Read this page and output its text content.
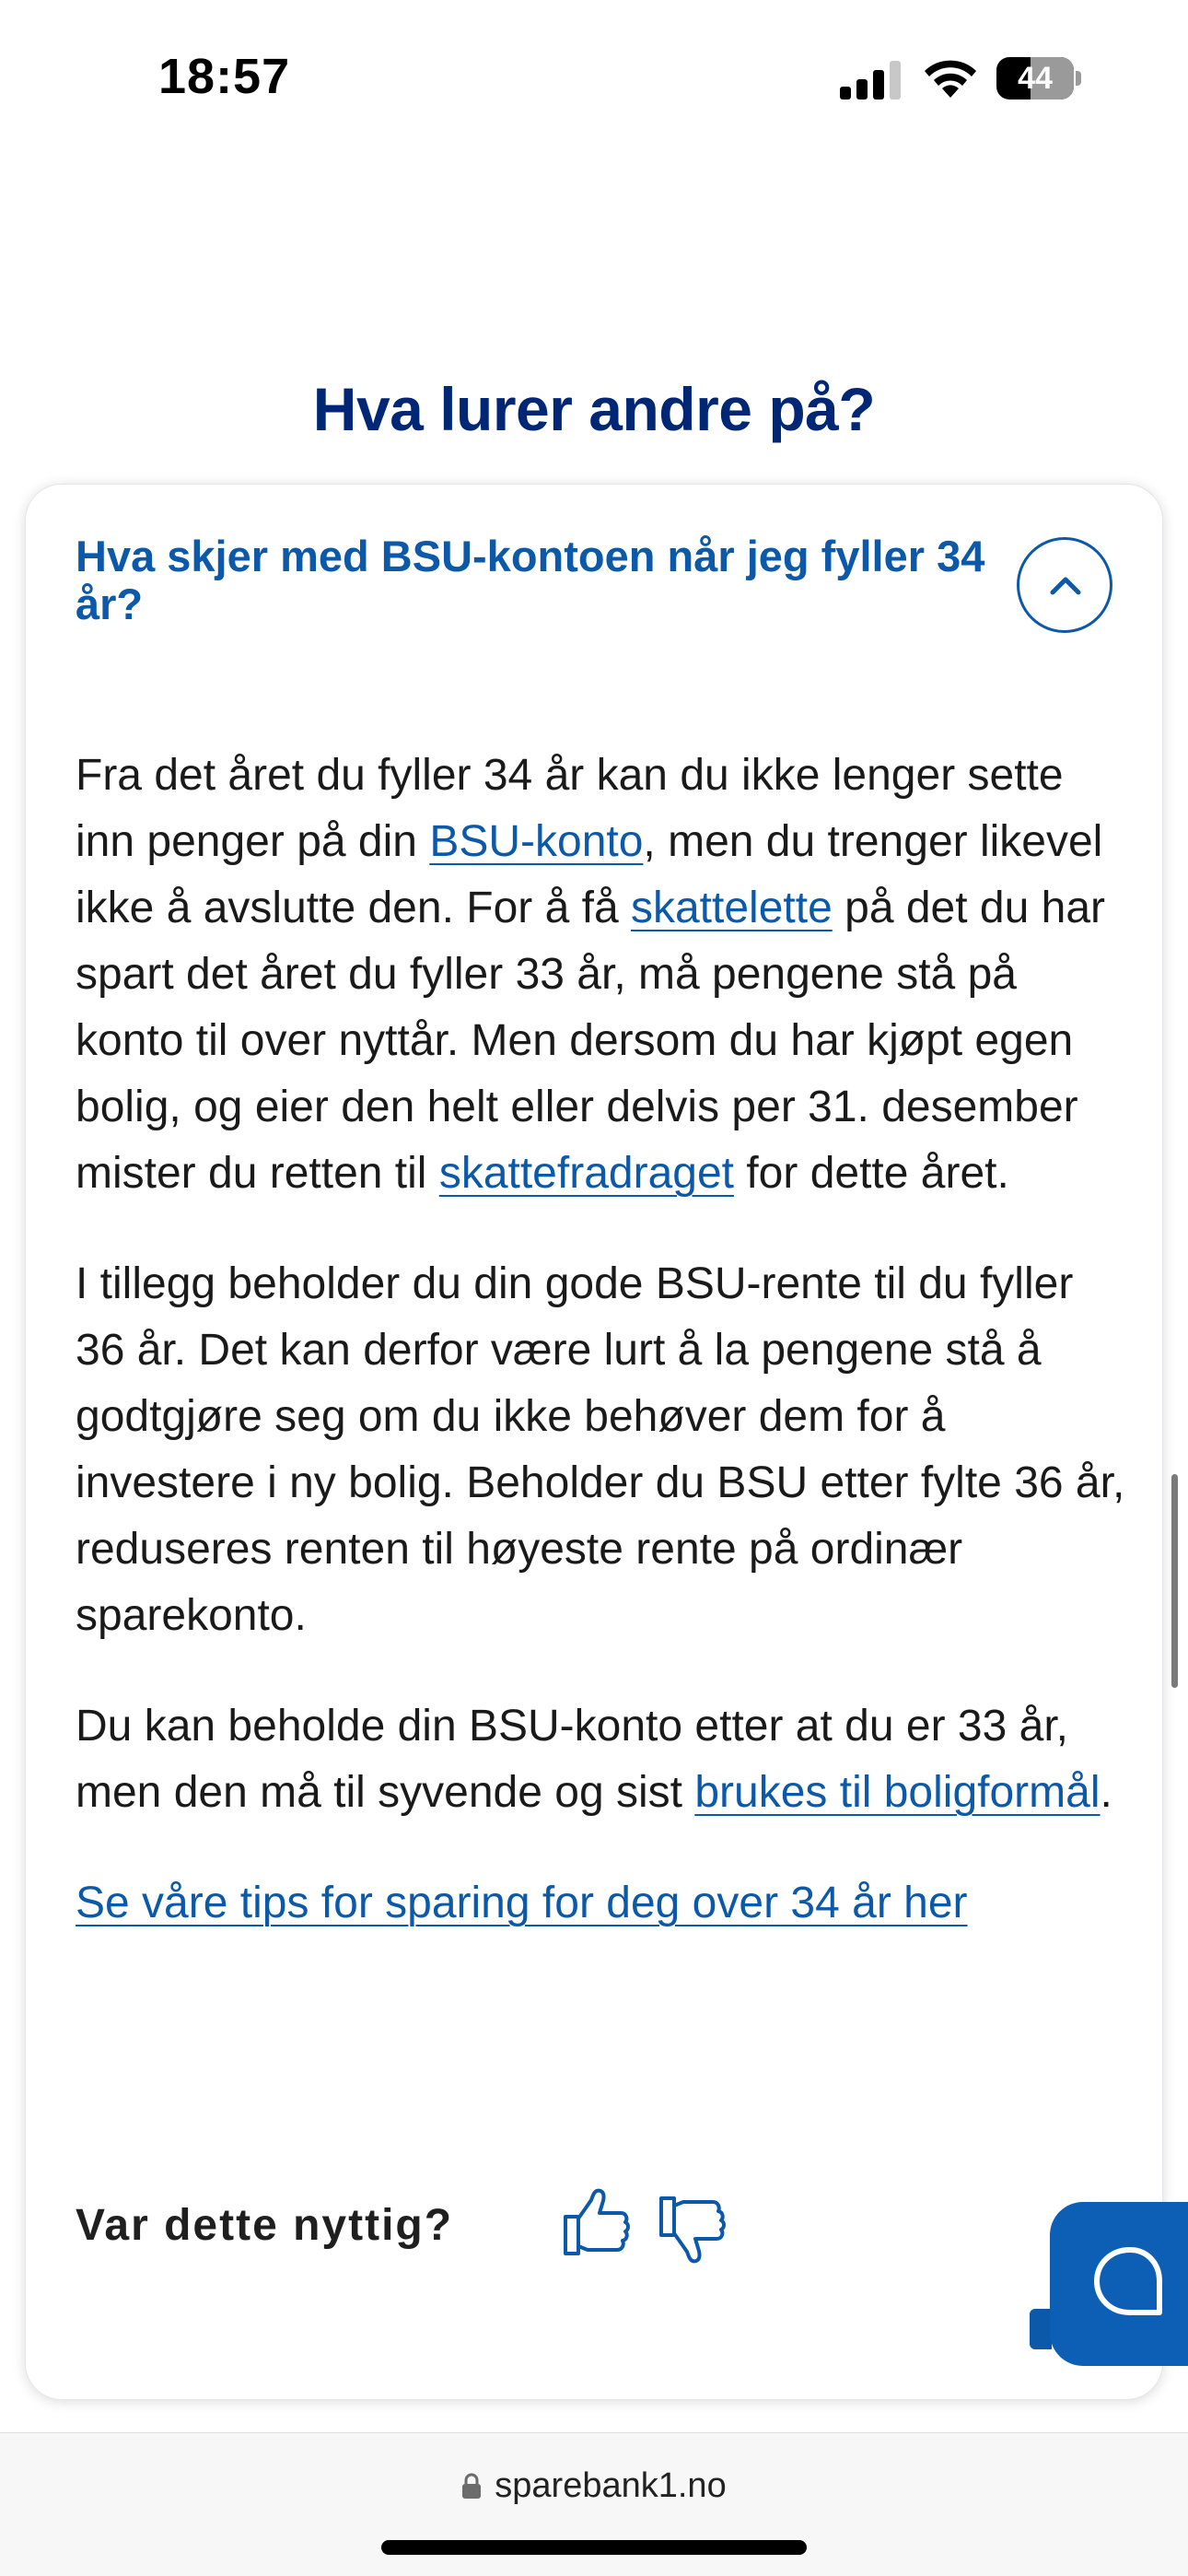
18:57	44
Hva lurer andre på?
Hva skjer med BSU-kontoen når jeg fyller 34 år?

Fra det året du fyller 34 år kan du ikke lenger sette inn penger på din BSU-konto, men du trenger likevel ikke å avslutte den. For å få skattelette på det du har spart det året du fyller 33 år, må pengene stå på konto til over nyttår. Men dersom du har kjøpt egen bolig, og eier den helt eller delvis per 31. desember mister du retten til skattefradraget for dette året.

I tillegg beholder du din gode BSU-rente til du fyller 36 år. Det kan derfor være lurt å la pengene stå å godtgjøre seg om du ikke behøver dem for å investere i ny bolig. Beholder du BSU etter fylte 36 år, reduseres renten til høyeste rente på ordinær sparekonto.

Du kan beholde din BSU-konto etter at du er 33 år, men den må til syvende og sist brukes til boligformål.

Se våre tips for sparing for deg over 34 år her
Var dette nyttig?
sparebank1.no
